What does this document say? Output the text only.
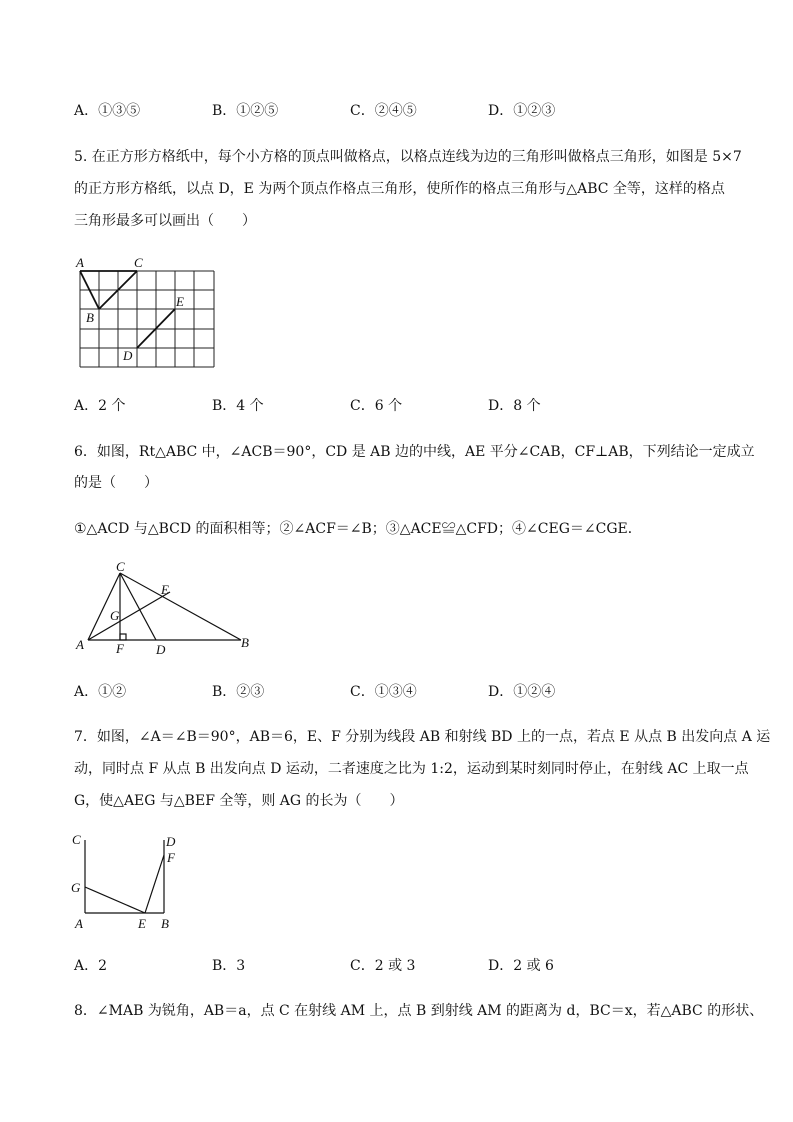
A．①③⑤	B．①②⑤	C．②④⑤	D．①②③
5. 在正方形方格纸中，每个小方格的顶点叫做格点，以格点连线为边的三角形叫做格点三角形，如图是 5×7
的正方形方格纸，以点 D，E 为两个顶点作格点三角形，使所作的格点三角形与△ABC 全等，这样的格点
三角形最多可以画出（　　）
A	C
B
E
D
A．2 个	B．4 个	C．6 个	D．8 个
6．如图，Rt△ABC 中，∠ACB＝90°，CD 是 AB 边的中线，AE 平分∠CAB，CF⊥AB，下列结论一定成立
的是（　　）
①△ACD 与△BCD 的面积相等；②∠ACF＝∠B；③△ACE≌△CFD；④∠CEG＝∠CGE．
C
E
G
A F D	B
A．①②	B．②③	C．①③④	D．①②④
7．如图，∠A＝∠B＝90°，AB＝6，E、F 分别为线段 AB 和射线 BD 上的一点，若点 E 从点 B 出发向点 A 运
动，同时点 F 从点 B 出发向点 D 运动，二者速度之比为 1:2，运动到某时刻同时停止，在射线 AC 上取一点
G，使△AEG 与△BEF 全等，则 AG 的长为（　　）
C	D
F
G
A	E B
A．2	B．3	C．2 或 3	D．2 或 6
8．∠MAB 为锐角，AB＝a，点 C 在射线 AM 上，点 B 到射线 AM 的距离为 d，BC＝x，若△ABC 的形状、
